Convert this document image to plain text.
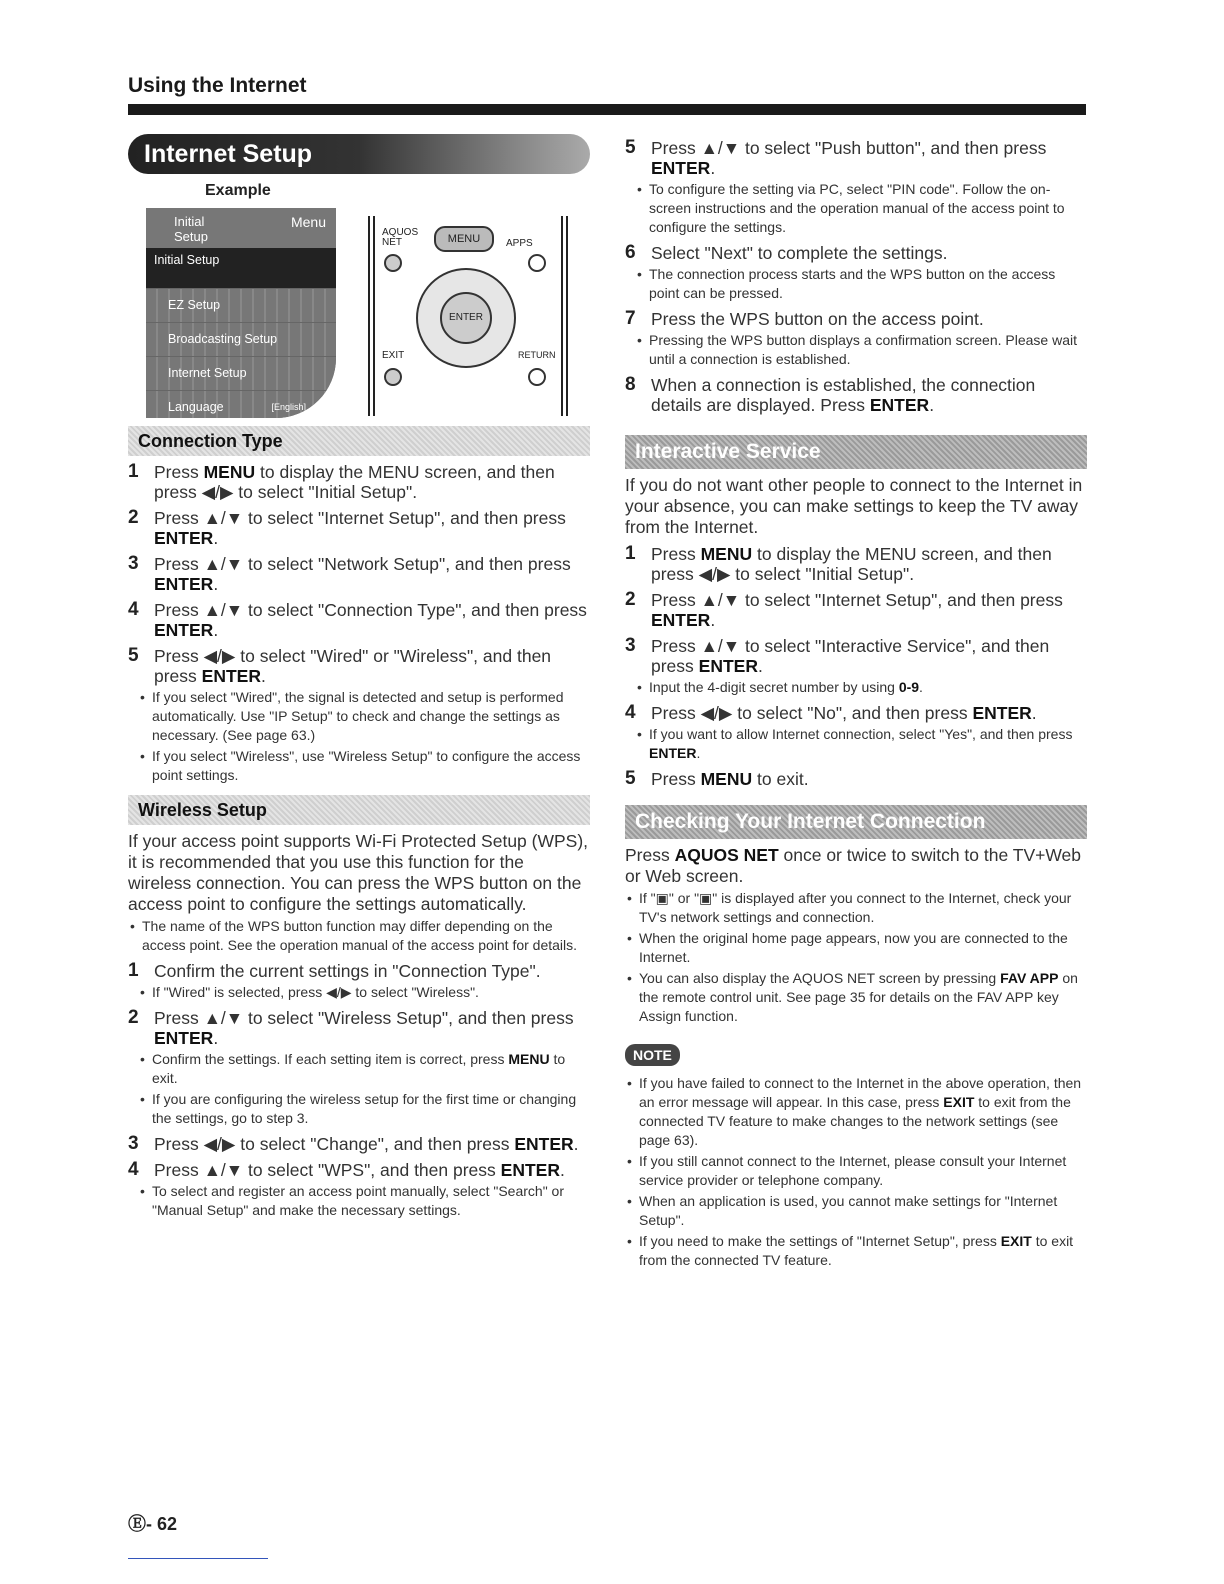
Using the Internet
Internet Setup
Example
Initial
Setup
Menu
Initial Setup
EZ Setup
Broadcasting Setup
Internet Setup
Language	[English]
AQUOS
NET	MENU	APPS
ENTER
EXIT	RETURN
Connection Type
1 Press MENU to display the MENU screen, and then press ◀/▶ to select "Initial Setup".
2 Press ▲/▼ to select "Internet Setup", and then press ENTER.
3 Press ▲/▼ to select "Network Setup", and then press ENTER.
4 Press ▲/▼ to select "Connection Type", and then press ENTER.
5 Press ◀/▶ to select "Wired" or "Wireless", and then press ENTER.
• If you select "Wired", the signal is detected and setup is performed automatically. Use "IP Setup" to check and change the settings as necessary. (See page 63.)
• If you select "Wireless", use "Wireless Setup" to configure the access point settings.
Wireless Setup
If your access point supports Wi-Fi Protected Setup (WPS), it is recommended that you use this function for the wireless connection. You can press the WPS button on the access point to configure the settings automatically.
• The name of the WPS button function may differ depending on the access point. See the operation manual of the access point for details.
1 Confirm the current settings in "Connection Type".
• If "Wired" is selected, press ◀/▶ to select "Wireless".
2 Press ▲/▼ to select "Wireless Setup", and then press ENTER.
• Confirm the settings. If each setting item is correct, press MENU to exit.
• If you are configuring the wireless setup for the first time or changing the settings, go to step 3.
3 Press ◀/▶ to select "Change", and then press ENTER.
4 Press ▲/▼ to select "WPS", and then press ENTER.
• To select and register an access point manually, select "Search" or "Manual Setup" and make the necessary settings.
5 Press ▲/▼ to select "Push button", and then press ENTER.
• To configure the setting via PC, select "PIN code". Follow the on-screen instructions and the operation manual of the access point to configure the settings.
6 Select "Next" to complete the settings.
• The connection process starts and the WPS button on the access point can be pressed.
7 Press the WPS button on the access point.
• Pressing the WPS button displays a confirmation screen. Please wait until a connection is established.
8 When a connection is established, the connection details are displayed. Press ENTER.
Interactive Service
If you do not want other people to connect to the Internet in your absence, you can make settings to keep the TV away from the Internet.
1 Press MENU to display the MENU screen, and then press ◀/▶ to select "Initial Setup".
2 Press ▲/▼ to select "Internet Setup", and then press ENTER.
3 Press ▲/▼ to select "Interactive Service", and then press ENTER.
• Input the 4-digit secret number by using 0-9.
4 Press ◀/▶ to select "No", and then press ENTER.
• If you want to allow Internet connection, select "Yes", and then press ENTER.
5 Press MENU to exit.
Checking Your Internet Connection
Press AQUOS NET once or twice to switch to the TV+Web or Web screen.
• If "▣" or "▣" is displayed after you connect to the Internet, check your TV's network settings and connection.
• When the original home page appears, now you are connected to the Internet.
• You can also display the AQUOS NET screen by pressing FAV APP on the remote control unit. See page 35 for details on the FAV APP key Assign function.
NOTE
• If you have failed to connect to the Internet in the above operation, then an error message will appear. In this case, press EXIT to exit from the connected TV feature to make changes to the network settings (see page 63).
• If you still cannot connect to the Internet, please consult your Internet service provider or telephone company.
• When an application is used, you cannot make settings for "Internet Setup".
• If you need to make the settings of "Internet Setup", press EXIT to exit from the connected TV feature.
Ⓔ- 62
